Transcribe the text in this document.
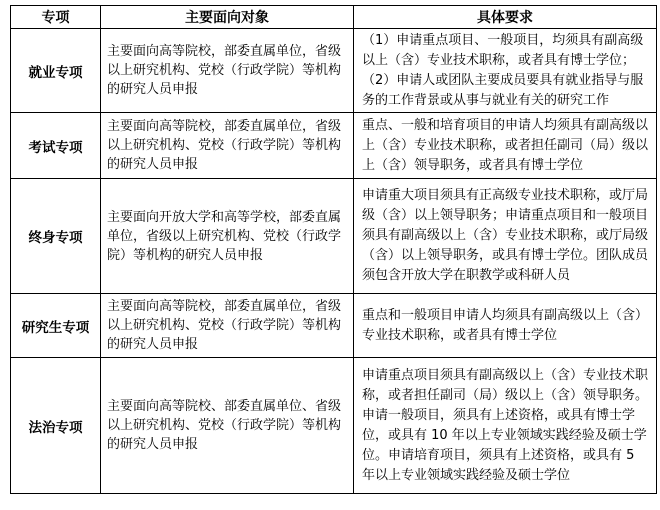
专项	主要面向对象	具体要求
就业专项	主要面向高等院校，部委直属单位，省级以上研究机构、党校（行政学院）等机构的研究人员申报	（1）申请重点项目、一般项目，均须具有副高级以上（含）专业技术职称，或者具有博士学位；

（2）申请人或团队主要成员要具有就业指导与服务的工作背景或从事与就业有关的研究工作

考试专项	主要面向高等院校，部委直属单位，省级以上研究机构、党校（行政学院）等机构的研究人员申报	重点、一般和培育项目的申请人均须具有副高级以上（含）专业技术职称，或者担任副司（局）级以上（含）领导职务，或者具有博士学位

终身专项	主要面向开放大学和高等学校，部委直属单位，省级以上研究机构、党校（行政学院）等机构的研究人员申报	申请重大项目须具有正高级专业技术职称，或厅局级（含）以上领导职务；申请重点项目和一般项目须具有副高级以上（含）专业技术职称，或厅局级（含）以上领导职务，或具有博士学位。团队成员须包含开放大学在职教学或科研人员

研究生专项	主要面向高等院校，部委直属单位，省级以上研究机构、党校（行政学院）等机构的研究人员申报	重点和一般项目申请人均须具有副高级以上（含）专业技术职称，或者具有博士学位

法治专项	主要面向高等院校、部委直属单位、省级以上研究机构、党校（行政学院）等机构的研究人员申报	申请重点项目须具有副高级以上（含）专业技术职称，或者担任副司（局）级以上（含）领导职务。申请一般项目，须具有上述资格，或具有博士学位，或具有 10 年以上专业领域实践经验及硕士学位。申请培育项目，须具有上述资格，或具有 5 年以上专业领域实践经验及硕士学位
